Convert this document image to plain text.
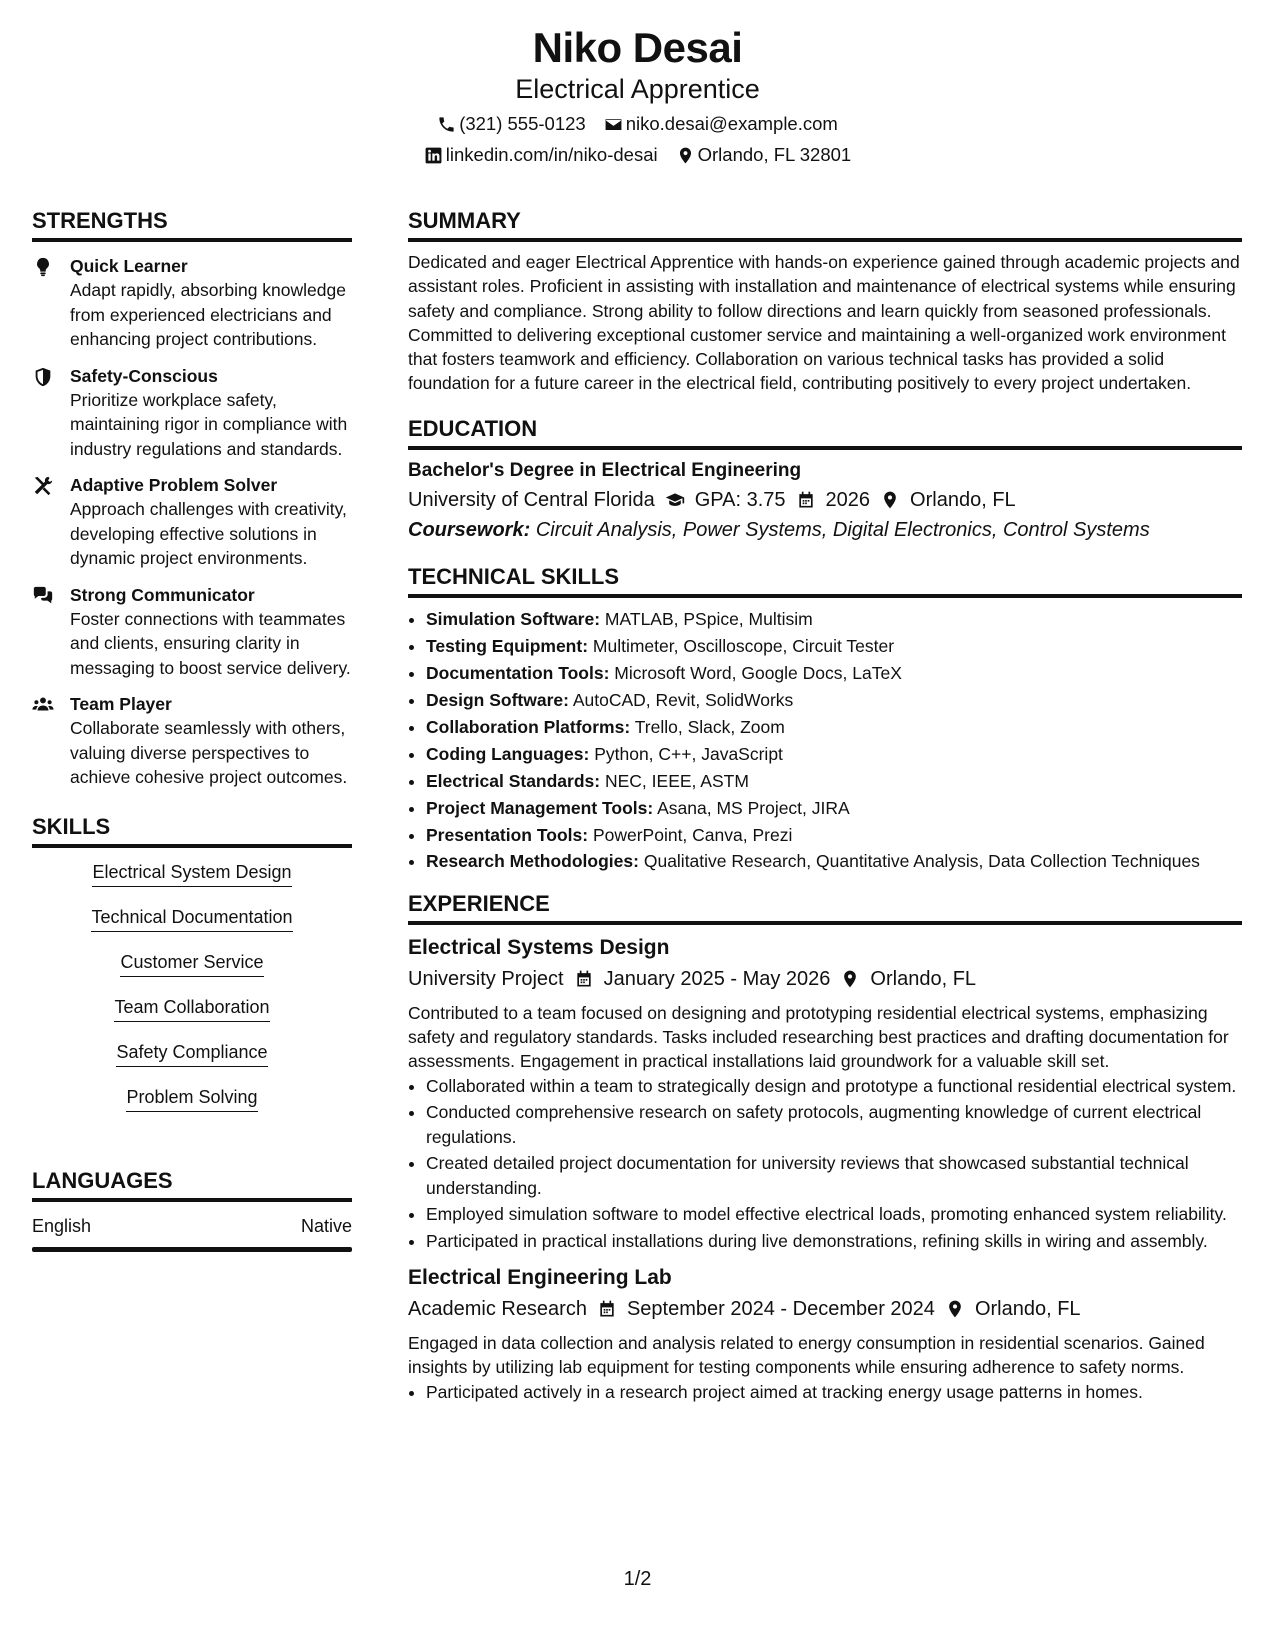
Niko Desai
Electrical Apprentice
(321) 555-0123 niko.desai@example.com
linkedin.com/in/niko-desai Orlando, FL 32801
STRENGTHS
Quick Learner
Adapt rapidly, absorbing knowledge from experienced electricians and enhancing project contributions.
Safety-Conscious
Prioritize workplace safety, maintaining rigor in compliance with industry regulations and standards.
Adaptive Problem Solver
Approach challenges with creativity, developing effective solutions in dynamic project environments.
Strong Communicator
Foster connections with teammates and clients, ensuring clarity in messaging to boost service delivery.
Team Player
Collaborate seamlessly with others, valuing diverse perspectives to achieve cohesive project outcomes.
SKILLS
Electrical System Design
Technical Documentation
Customer Service
Team Collaboration
Safety Compliance
Problem Solving
LANGUAGES
English	Native
SUMMARY
Dedicated and eager Electrical Apprentice with hands-on experience gained through academic projects and assistant roles. Proficient in assisting with installation and maintenance of electrical systems while ensuring safety and compliance. Strong ability to follow directions and learn quickly from seasoned professionals. Committed to delivering exceptional customer service and maintaining a well-organized work environment that fosters teamwork and efficiency. Collaboration on various technical tasks has provided a solid foundation for a future career in the electrical field, contributing positively to every project undertaken.
EDUCATION
Bachelor's Degree in Electrical Engineering
University of Central Florida GPA: 3.75 2026 Orlando, FL
Coursework: Circuit Analysis, Power Systems, Digital Electronics, Control Systems
TECHNICAL SKILLS
• Simulation Software: MATLAB, PSpice, Multisim
• Testing Equipment: Multimeter, Oscilloscope, Circuit Tester
• Documentation Tools: Microsoft Word, Google Docs, LaTeX
• Design Software: AutoCAD, Revit, SolidWorks
• Collaboration Platforms: Trello, Slack, Zoom
• Coding Languages: Python, C++, JavaScript
• Electrical Standards: NEC, IEEE, ASTM
• Project Management Tools: Asana, MS Project, JIRA
• Presentation Tools: PowerPoint, Canva, Prezi
• Research Methodologies: Qualitative Research, Quantitative Analysis, Data Collection Techniques
EXPERIENCE
Electrical Systems Design
University Project January 2025 - May 2026 Orlando, FL
Contributed to a team focused on designing and prototyping residential electrical systems, emphasizing safety and regulatory standards. Tasks included researching best practices and drafting documentation for assessments. Engagement in practical installations laid groundwork for a valuable skill set.
• Collaborated within a team to strategically design and prototype a functional residential electrical system.
• Conducted comprehensive research on safety protocols, augmenting knowledge of current electrical regulations.
• Created detailed project documentation for university reviews that showcased substantial technical understanding.
• Employed simulation software to model effective electrical loads, promoting enhanced system reliability.
• Participated in practical installations during live demonstrations, refining skills in wiring and assembly.
Electrical Engineering Lab
Academic Research September 2024 - December 2024 Orlando, FL
Engaged in data collection and analysis related to energy consumption in residential scenarios. Gained insights by utilizing lab equipment for testing components while ensuring adherence to safety norms.
• Participated actively in a research project aimed at tracking energy usage patterns in homes.
1/2
